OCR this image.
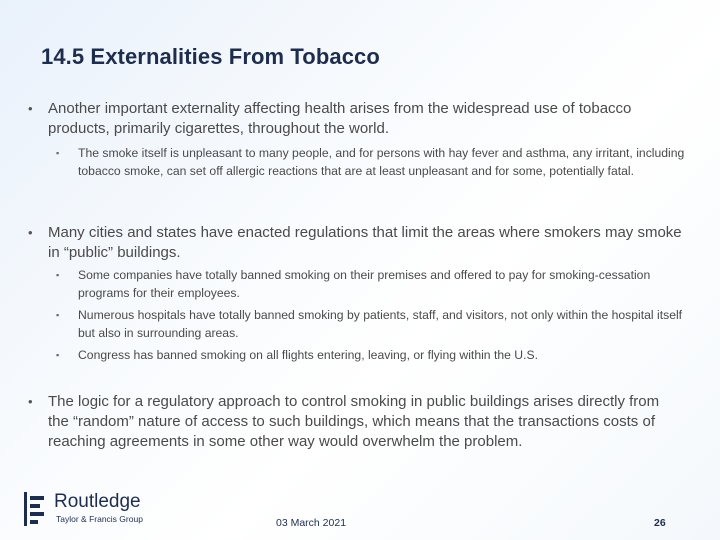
14.5 Externalities From Tobacco
• Another important externality affecting health arises from the widespread use of tobacco products, primarily cigarettes, throughout the world.
▪ The smoke itself is unpleasant to many people, and for persons with hay fever and asthma, any irritant, including tobacco smoke, can set off allergic reactions that are at least unpleasant and for some, potentially fatal.
• Many cities and states have enacted regulations that limit the areas where smokers may smoke in “public” buildings.
▪ Some companies have totally banned smoking on their premises and offered to pay for smoking-cessation programs for their employees.
▪ Numerous hospitals have totally banned smoking by patients, staff, and visitors, not only within the hospital itself but also in surrounding areas.
▪ Congress has banned smoking on all flights entering, leaving, or flying within the U.S.
• The logic for a regulatory approach to control smoking in public buildings arises directly from the “random” nature of access to such buildings, which means that the transactions costs of reaching agreements in some other way would overwhelm the problem.
Routledge
Taylor & Francis Group	03 March 2021	26
